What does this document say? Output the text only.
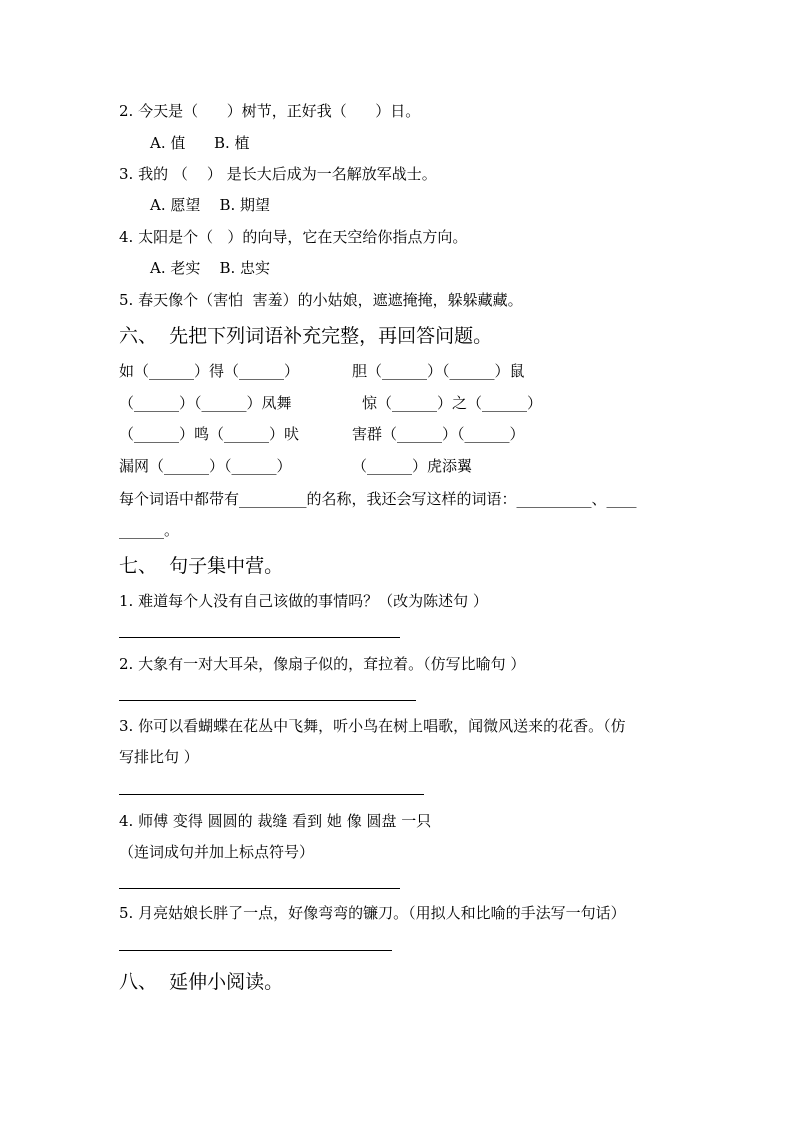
2. 今天是（      ）树节，正好我（      ）日。
A. 值      B. 植
3. 我的 （    ） 是长大后成为一名解放军战士。
A. 愿望    B. 期望
4. 太阳是个（   ）的向导，它在天空给你指点方向。
A. 老实    B. 忠实
5. 春天像个（害怕  害羞）的小姑娘，遮遮掩掩，躲躲藏藏。
六、  先把下列词语补充完整，再回答问题。
如（______）得（______）	胆（______）（______）鼠
（______）（______）凤舞	惊（______）之（______）
（______）鸣（______）吠	害群（______）（______）
漏网（______）（______）	（______）虎添翼
每个词语中都带有_________的名称，我还会写这样的词语：__________、____
______。
七、  句子集中营。
1. 难道每个人没有自己该做的事情吗？（改为陈述句 ）
2. 大象有一对大耳朵，像扇子似的，耷拉着。（仿写比喻句 ）
3. 你可以看蝴蝶在花丛中飞舞，听小鸟在树上唱歌，闻微风送来的花香。（仿
写排比句 ）
4. 师傅 变得 圆圆的 裁缝 看到 她 像 圆盘 一只
（连词成句并加上标点符号）
5. 月亮姑娘长胖了一点，好像弯弯的镰刀。（用拟人和比喻的手法写一句话）
八、  延伸小阅读。
